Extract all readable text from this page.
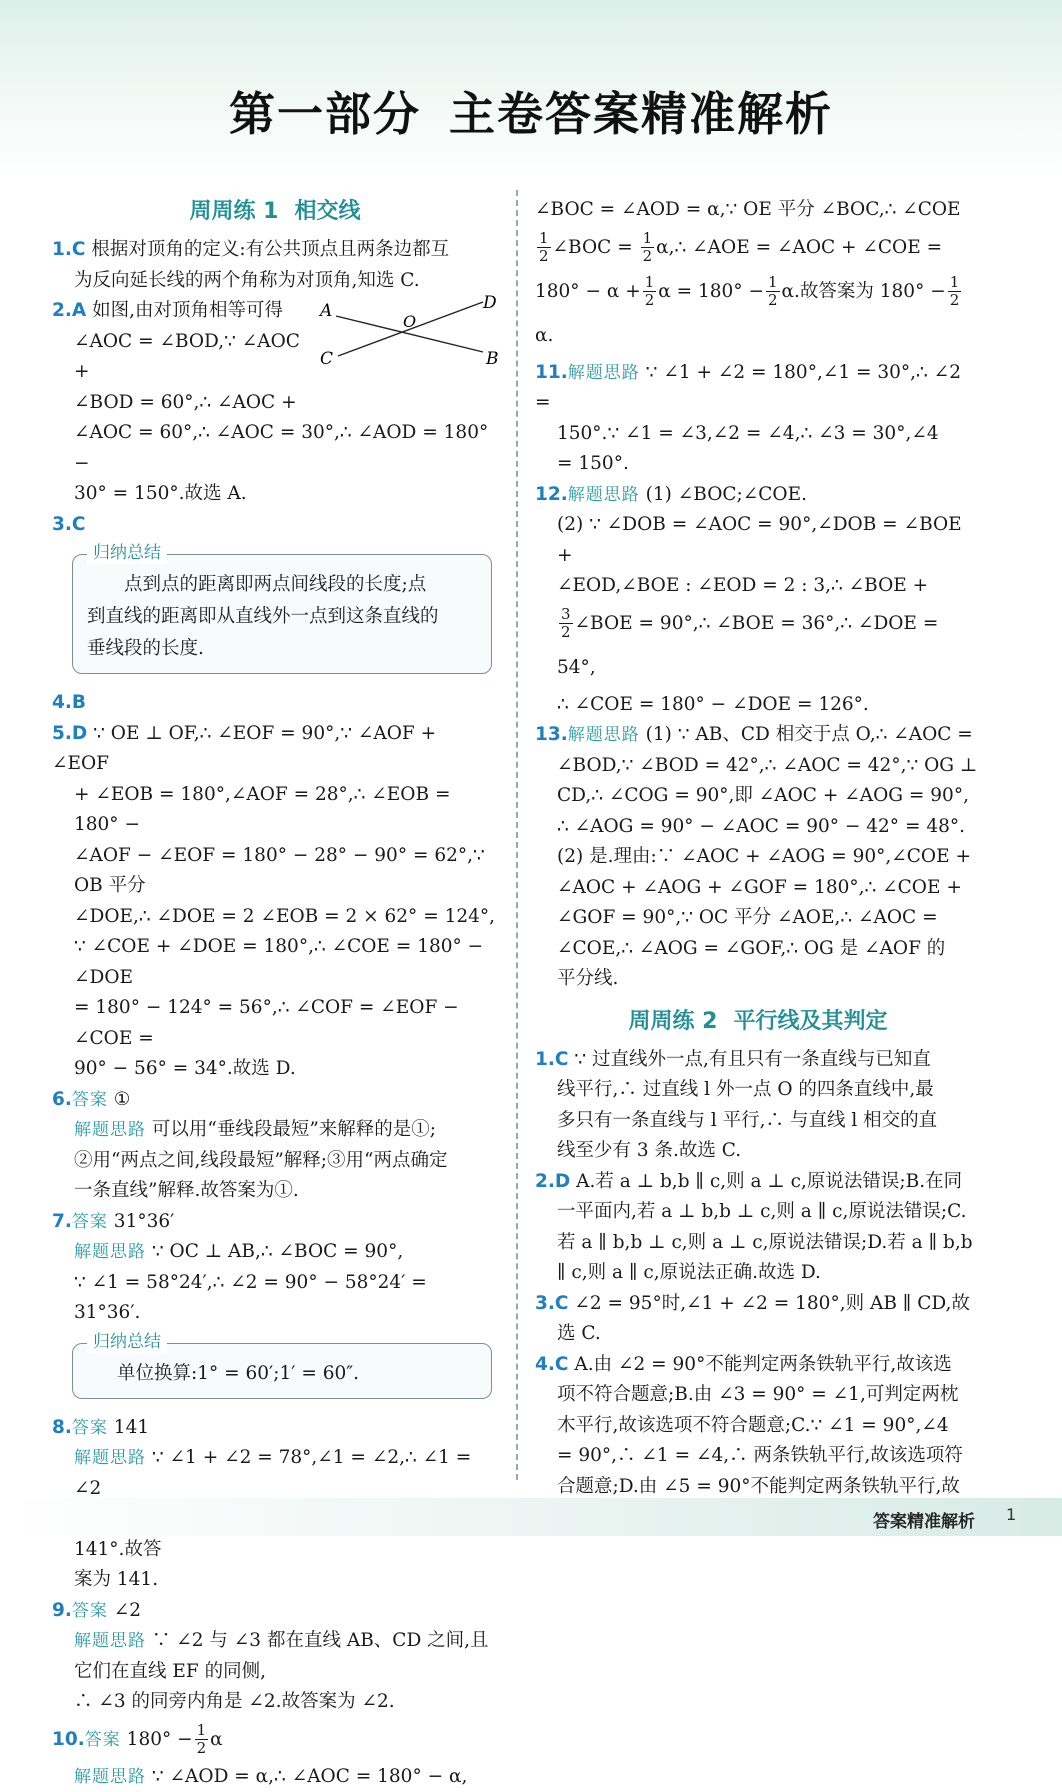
第一部分 主卷答案精准解析
周周练 1 相交线

1.C 根据对顶角的定义:有公共顶点且两条边都互

为反向延长线的两个角称为对顶角,知选 C.

A
B
C
D
O

2.A 如图,由对顶角相等可得

∠AOC = ∠BOD,∵ ∠AOC +

∠BOD = 60°,∴ ∠AOC +

∠AOC = 60°,∴ ∠AOC = 30°,∴ ∠AOD = 180° −

30° = 150°.故选 A.

3.C

归纳总结

点到点的距离即两点间线段的长度;点

到直线的距离即从直线外一点到这条直线的

垂线段的长度.

4.B

5.D ∵ OE ⊥ OF,∴ ∠EOF = 90°,∵ ∠AOF + ∠EOF

+ ∠EOB = 180°,∠AOF = 28°,∴ ∠EOB = 180° −

∠AOF − ∠EOF = 180° − 28° − 90° = 62°,∵ OB 平分

∠DOE,∴ ∠DOE = 2 ∠EOB = 2 × 62° = 124°,

∵ ∠COE + ∠DOE = 180°,∴ ∠COE = 180° − ∠DOE

= 180° − 124° = 56°,∴ ∠COF = ∠EOF − ∠COE =

90° − 56° = 34°.故选 D.

6.答案 ①

解题思路 可以用“垂线段最短”来解释的是①;

②用“两点之间,线段最短”解释;③用“两点确定

一条直线”解释.故答案为①.

7.答案 31°36′

解题思路 ∵ OC ⊥ AB,∴ ∠BOC = 90°,

∵ ∠1 = 58°24′,∴ ∠2 = 90° − 58°24′ = 31°36′.

归纳总结

单位换算:1° = 60′;1′ = 60″.

8.答案 141

解题思路 ∵ ∠1 + ∠2 = 78°,∠1 = ∠2,∴ ∠1 = ∠2

141°.故答

案为 141.

9.答案 ∠2

解题思路 ∵ ∠2 与 ∠3 都在直线 AB、CD 之间,且

它们在直线 EF 的同侧,

∴ ∠3 的同旁内角是 ∠2.故答案为 ∠2.

10.答案 $180^\circ - \frac{1}{2}$ α

解题思路 ∵ ∠AOD = α,∴ ∠AOC = 180° − α,

∠BOC = ∠AOD = α,∵ OE 平分 ∠BOC,∴ ∠COE

$\frac{1}{2}$ ∠BOC = $\frac{1}{2}$ α,∴ ∠AOE = ∠AOC + ∠COE =

$180^\circ - \alpha + \frac{1}{2}$ $\alpha = 180^\circ - \frac{1}{2} \alpha$.故答案为 $180^\circ - \frac{1}{2}$
α.

11.解题思路 ∵ ∠1 + ∠2 = 180°,∠1 = 30°,∴ ∠2 =

150°.∵ ∠1 = ∠3,∠2 = ∠4,∴ ∠3 = 30°,∠4

= 150°.

12.解题思路 (1) ∠BOC;∠COE.

(2) ∵ ∠DOB = ∠AOC = 90°,∠DOB = ∠BOE +

∠EOD,∠BOE : ∠EOD = 2 : 3,∴ ∠BOE +

$\frac{3}{2}$ ∠BOE = 90°,∴ ∠BOE = 36°,∴ ∠DOE = 54°,

∴ ∠COE = 180° − ∠DOE = 126°.

13.解题思路 (1) ∵ AB、CD 相交于点 O,∴ ∠AOC =

∠BOD,∵ ∠BOD = 42°,∴ ∠AOC = 42°,∵ OG ⊥

CD,∴ ∠COG = 90°,即 ∠AOC + ∠AOG = 90°,

∴ ∠AOG = 90° − ∠AOC = 90° − 42° = 48°.

(2) 是.理由:∵ ∠AOC + ∠AOG = 90°,∠COE +

∠AOC + ∠AOG + ∠GOF = 180°,∴ ∠COE +

∠GOF = 90°,∵ OC 平分 ∠AOE,∴ ∠AOC =

∠COE,∴ ∠AOG = ∠GOF,∴ OG 是 ∠AOF 的

平分线.

周周练 2 平行线及其判定

1.C ∵ 过直线外一点,有且只有一条直线与已知直

线平行,∴ 过直线 l 外一点 O 的四条直线中,最

多只有一条直线与 l 平行,∴ 与直线 l 相交的直

线至少有 3 条.故选 C.

2.D A.若 a ⊥ b,b ∥ c,则 a ⊥ c,原说法错误;B.在同

一平面内,若 a ⊥ b,b ⊥ c,则 a ∥ c,原说法错误;C.

若 a ∥ b,b ⊥ c,则 a ⊥ c,原说法错误;D.若 a ∥ b,b

∥ c,则 a ∥ c,原说法正确.故选 D.

3.C ∠2 = 95°时,∠1 + ∠2 = 180°,则 AB ∥ CD,故

选 C.

4.C A.由 ∠2 = 90°不能判定两条铁轨平行,故该选

项不符合题意;B.由 ∠3 = 90° = ∠1,可判定两枕

木平行,故该选项不符合题意;C.∵ ∠1 = 90°,∠4

= 90°,∴ ∠1 = ∠4,∴ 两条铁轨平行,故该选项符

合题意;D.由 ∠5 = 90°不能判定两条铁轨平行,故

答案精准解析 1
